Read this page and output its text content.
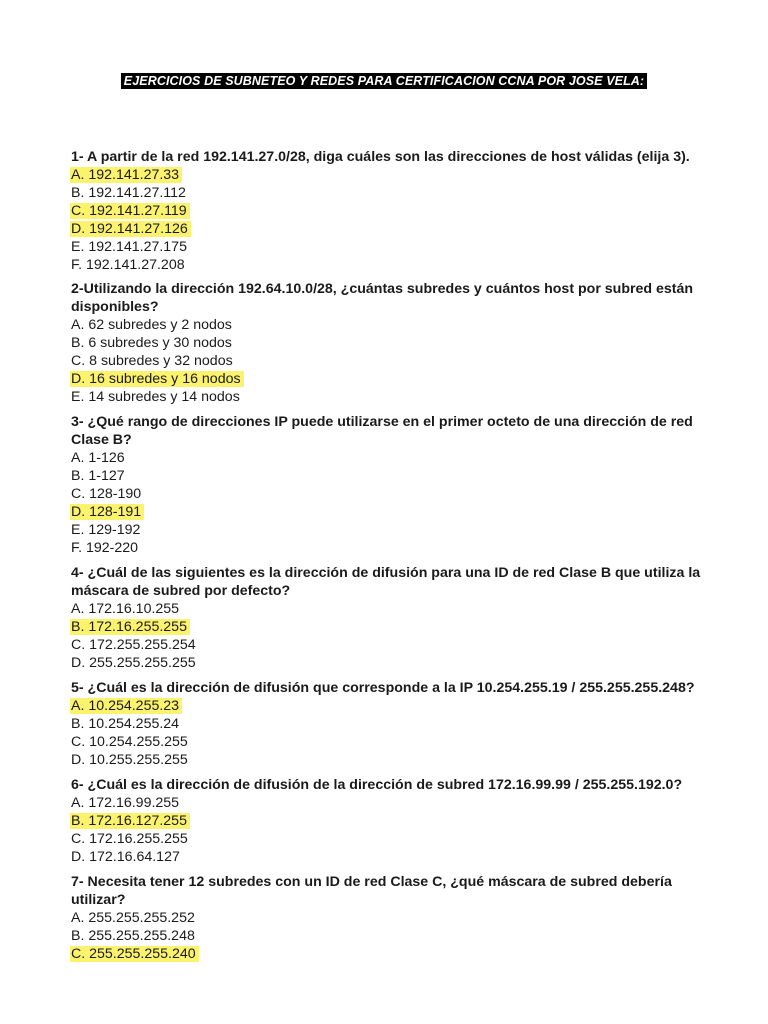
EJERCICIOS DE SUBNETEO Y REDES PARA CERTIFICACION CCNA POR JOSE VELA:
1- A partir de la red 192.141.27.0/28, diga cuáles son las direcciones de host válidas (elija 3).
A. 192.141.27.33
B. 192.141.27.112
C. 192.141.27.119
D. 192.141.27.126
E. 192.141.27.175
F. 192.141.27.208
2-Utilizando la dirección 192.64.10.0/28, ¿cuántas subredes y cuántos host por subred están disponibles?
A. 62 subredes y 2 nodos
B. 6 subredes y 30 nodos
C. 8 subredes y 32 nodos
D. 16 subredes y 16 nodos
E. 14 subredes y 14 nodos
3- ¿Qué rango de direcciones IP puede utilizarse en el primer octeto de una dirección de red Clase B?
A. 1-126
B. 1-127
C. 128-190
D. 128-191
E. 129-192
F. 192-220
4- ¿Cuál de las siguientes es la dirección de difusión para una ID de red Clase B que utiliza la máscara de subred por defecto?
A. 172.16.10.255
B. 172.16.255.255
C. 172.255.255.254
D. 255.255.255.255
5- ¿Cuál es la dirección de difusión que corresponde a la IP 10.254.255.19 / 255.255.255.248?
A. 10.254.255.23
B. 10.254.255.24
C. 10.254.255.255
D. 10.255.255.255
6- ¿Cuál es la dirección de difusión de la dirección de subred 172.16.99.99 / 255.255.192.0?
A. 172.16.99.255
B. 172.16.127.255
C. 172.16.255.255
D. 172.16.64.127
7- Necesita tener 12 subredes con un ID de red Clase C, ¿qué máscara de subred debería utilizar?
A. 255.255.255.252
B. 255.255.255.248
C. 255.255.255.240
